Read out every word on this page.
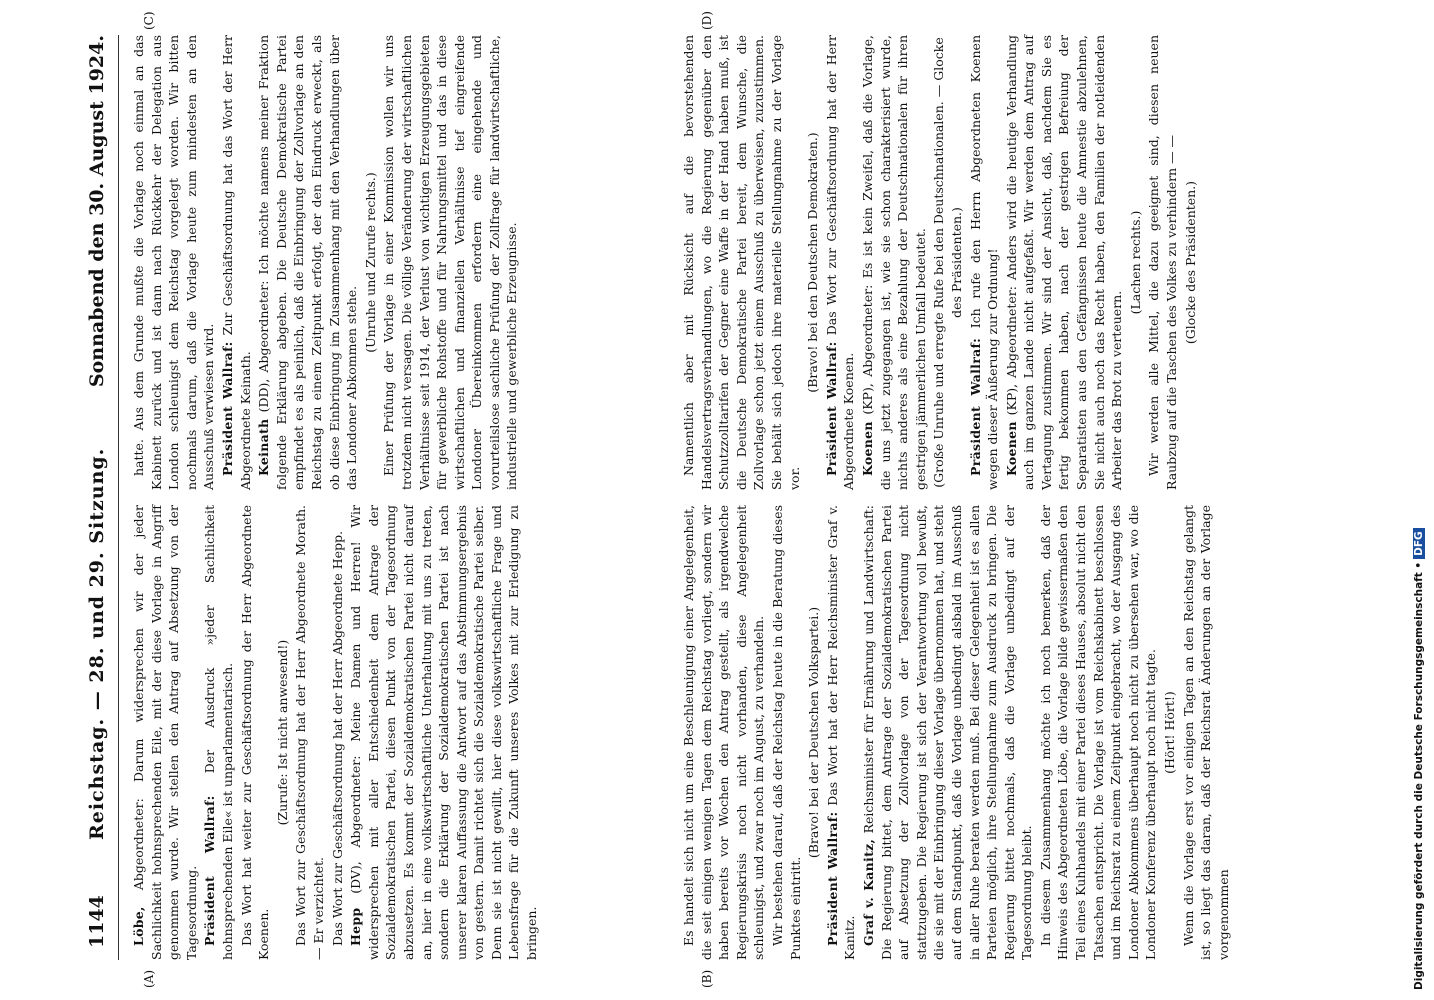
1144
Reichstag. — 28. und 29. Sitzung.
Sonnabend den 30. August 1924.
(A)	(B)
(C)	(D)

Löbe, Abgeordneter: Darum widersprechen wir der jeder Sachlichkeit hohnsprechenden Eile, mit der diese Vorlage in Angriff genommen wurde. Wir stellen den Antrag auf Absetzung von der Tagesordnung. Präsident Wallraf: Der Ausdruck »jeder Sachlichkeit hohnsprechenden Eile« ist unparlamentarisch. Das Wort hat weiter zur Geschäftsordnung der Herr Abgeordnete Koenen.

(Zurufe: Ist nicht anwesend!) Das Wort zur Geschäftsordnung hat der Herr Abgeordnete Morath. — Er verzichtet. Das Wort zur Geschäftsordnung hat der Herr Abgeordnete Hepp. Hepp (DV), Abgeordneter: Meine Damen und Herren! Wir widersprechen mit aller Entschiedenheit dem Antrage der Sozialdemokratischen Partei, diesen Punkt von der Tagesordnung abzusetzen. Es kommt der Sozialdemokratischen Partei nicht darauf an, hier in eine volkswirtschaftliche Unterhaltung mit uns zu treten, sondern die Erklärung der Sozialdemokratischen Partei ist nach unserer klaren Auffassung die Antwort auf das Abstimmungsergebnis von gestern. Damit richtet sich die Sozialdemokratische Partei selber. Denn sie ist nicht gewillt, hier diese volkswirtschaftliche Frage und Lebensfrage für die Zukunft unseres Volkes mit zur Erledigung zu bringen.	Es handelt sich nicht um eine Beschleunigung einer Angelegenheit, die seit einigen wenigen Tagen dem Reichstag vorliegt, sondern wir haben bereits vor Wochen den Antrag gestellt, als irgendwelche Regierungskrisis noch nicht vorhanden, diese Angelegenheit schleunigst, und zwar noch im August, zu verhandeln. Wir bestehen darauf, daß der Reichstag heute in die Beratung dieses Punktes eintritt.

(Bravo! bei der Deutschen Volkspartei.)

Präsident Wallraf: Das Wort hat der Herr Reichsminister Graf v. Kanitz. Graf v. Kanitz, Reichsminister für Ernährung und Landwirtschaft: Die Regierung bittet, dem Antrage der Sozialdemokratischen Partei auf Absetzung der Zollvorlage von der Tagesordnung nicht stattzugeben. Die Regierung ist sich der Verantwortung voll bewußt, die sie mit der Einbringung dieser Vorlage übernommen hat, und steht auf dem Standpunkt, daß die Vorlage unbedingt alsbald im Ausschuß in aller Ruhe beraten werden muß. Bei dieser Gelegenheit ist es allen Parteien möglich, ihre Stellungnahme zum Ausdruck zu bringen. Die Regierung bittet nochmals, daß die Vorlage unbedingt auf der Tagesordnung bleibt. In diesem Zusammenhang möchte ich noch bemerken, daß der Hinweis des Abgeordneten Löbe, die Vorlage bilde gewissermaßen den Teil eines Kuhhandels mit einer Partei dieses Hauses, absolut nicht den Tatsachen entspricht. Die Vorlage ist vom Reichskabinett beschlossen und im Reichsrat zu einem Zeitpunkt eingebracht, wo der Ausgang des Londoner Abkommens überhaupt noch nicht zu übersehen war, wo die Londoner Konferenz überhaupt noch nicht tagte. (Hört! Hört!) Wenn die Vorlage erst vor einigen Tagen an den Reichstag gelangt ist, so liegt das daran, daß der Reichsrat Änderungen an der Vorlage vorgenommen

hatte. Aus dem Grunde mußte die Vorlage noch einmal an das Kabinett zurück und ist dann nach Rückkehr der Delegation aus London schleunigst dem Reichstag vorgelegt worden. Wir bitten nochmals darum, daß die Vorlage heute zum mindesten an den Ausschuß verwiesen wird. Präsident Wallraf: Zur Geschäftsordnung hat das Wort der Herr Abgeordnete Keinath. Keinath (DD), Abgeordneter: Ich möchte namens meiner Fraktion folgende Erklärung abgeben. Die Deutsche Demokratische Partei empfindet es als peinlich, daß die Einbringung der Zollvorlage an den Reichstag zu einem Zeitpunkt erfolgt, der den Eindruck erweckt, als ob diese Einbringung im Zusammenhang mit den Verhandlungen über das Londoner Abkommen stehe.

(Unruhe und Zurufe rechts.) Einer Prüfung der Vorlage in einer Kommission wollen wir uns trotzdem nicht versagen. Die völlige Veränderung der wirtschaftlichen Verhältnisse seit 1914, der Verlust von wichtigen Erzeugungsgebieten für gewerbliche Rohstoffe und für Nahrungsmittel und das in diese wirtschaftlichen und finanziellen Verhältnisse tief eingreifende Londoner Übereinkommen erfordern eine eingehende und vorurteilslose sachliche Prüfung der Zollfrage für landwirtschaftliche, industrielle und gewerbliche Erzeugnisse.	Namentlich aber mit Rücksicht auf die bevorstehenden Handelsvertragsverhandlungen, wo die Regierung gegenüber den Schutzzolltarifen der Gegner eine Waffe in der Hand haben muß, ist die Deutsche Demokratische Partei bereit, dem Wunsche, die Zollvorlage schon jetzt einem Ausschuß zu überweisen, zuzustimmen. Sie behält sich jedoch ihre materielle Stellungnahme zu der Vorlage vor.

(Bravo! bei den Deutschen Demokraten.)

Präsident Wallraf: Das Wort zur Geschäftsordnung hat der Herr Abgeordnete Koenen. Koenen (KP), Abgeordneter: Es ist kein Zweifel, daß die Vorlage, die uns jetzt zugegangen ist, wie sie schon charakterisiert wurde, nichts anderes als eine Bezahlung der Deutschnationalen für ihren gestrigen jämmerlichen Umfall bedeutet. (Große Unruhe und erregte Rufe bei den Deutschnationalen. — Glocke des Präsidenten.)

Präsident Wallraf: Ich rufe den Herrn Abgeordneten Koenen wegen dieser Äußerung zur Ordnung! Koenen (KP), Abgeordneter: Anders wird die heutige Verhandlung auch im ganzen Lande nicht aufgefaßt. Wir werden dem Antrag auf Vertagung zustimmen. Wir sind der Ansicht, daß, nachdem Sie es fertig bekommen haben, nach der gestrigen Befreiung der Separatisten aus den Gefängnissen heute die Amnestie abzulehnen, Sie nicht auch noch das Recht haben, den Familien der notleidenden Arbeiter das Brot zu verteuern.

(Lachen rechts.) Wir werden alle Mittel, die dazu geeignet sind, diesen neuen Raubzug auf die Taschen des Volkes zu verhindern — — (Glocke des Präsidenten.)

Digitalisierung gefördert durch die Deutsche Forschungsgemeinschaft •DFG
